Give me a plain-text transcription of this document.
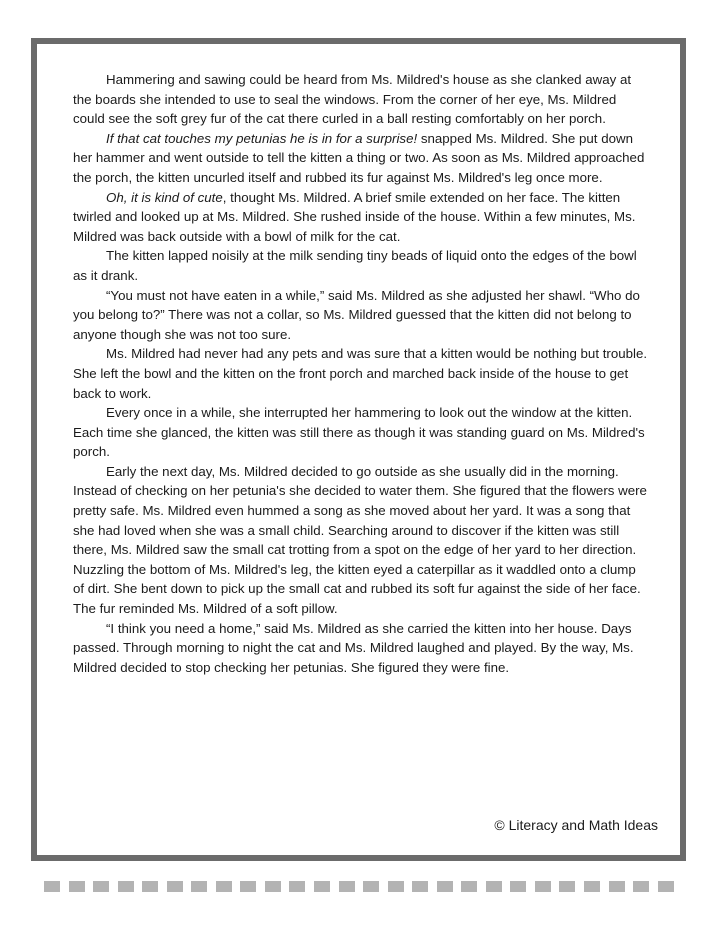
Hammering and sawing could be heard from Ms. Mildred's house as she clanked away at the boards she intended to use to seal the windows. From the corner of her eye, Ms. Mildred could see the soft grey fur of the cat there curled in a ball resting comfortably on her porch.

If that cat touches my petunias he is in for a surprise! snapped Ms. Mildred. She put down her hammer and went outside to tell the kitten a thing or two. As soon as Ms. Mildred approached the porch, the kitten uncurled itself and rubbed its fur against Ms. Mildred's leg once more.

Oh, it is kind of cute, thought Ms. Mildred. A brief smile extended on her face. The kitten twirled and looked up at Ms. Mildred. She rushed inside of the house. Within a few minutes, Ms. Mildred was back outside with a bowl of milk for the cat.

The kitten lapped noisily at the milk sending tiny beads of liquid onto the edges of the bowl as it drank.

“You must not have eaten in a while,” said Ms. Mildred as she adjusted her shawl. “Who do you belong to?” There was not a collar, so Ms. Mildred guessed that the kitten did not belong to anyone though she was not too sure.

Ms. Mildred had never had any pets and was sure that a kitten would be nothing but trouble. She left the bowl and the kitten on the front porch and marched back inside of the house to get back to work.

Every once in a while, she interrupted her hammering to look out the window at the kitten. Each time she glanced, the kitten was still there as though it was standing guard on Ms. Mildred's porch.

Early the next day, Ms. Mildred decided to go outside as she usually did in the morning. Instead of checking on her petunia's she decided to water them. She figured that the flowers were pretty safe. Ms. Mildred even hummed a song as she moved about her yard. It was a song that she had loved when she was a small child. Searching around to discover if the kitten was still there, Ms. Mildred saw the small cat trotting from a spot on the edge of her yard to her direction. Nuzzling the bottom of Ms. Mildred's leg, the kitten eyed a caterpillar as it waddled onto a clump of dirt. She bent down to pick up the small cat and rubbed its soft fur against the side of her face. The fur reminded Ms. Mildred of a soft pillow.

“I think you need a home,” said Ms. Mildred as she carried the kitten into her house. Days passed. Through morning to night the cat and Ms. Mildred laughed and played. By the way, Ms. Mildred decided to stop checking her petunias. She figured they were fine.

© Literacy and Math Ideas
